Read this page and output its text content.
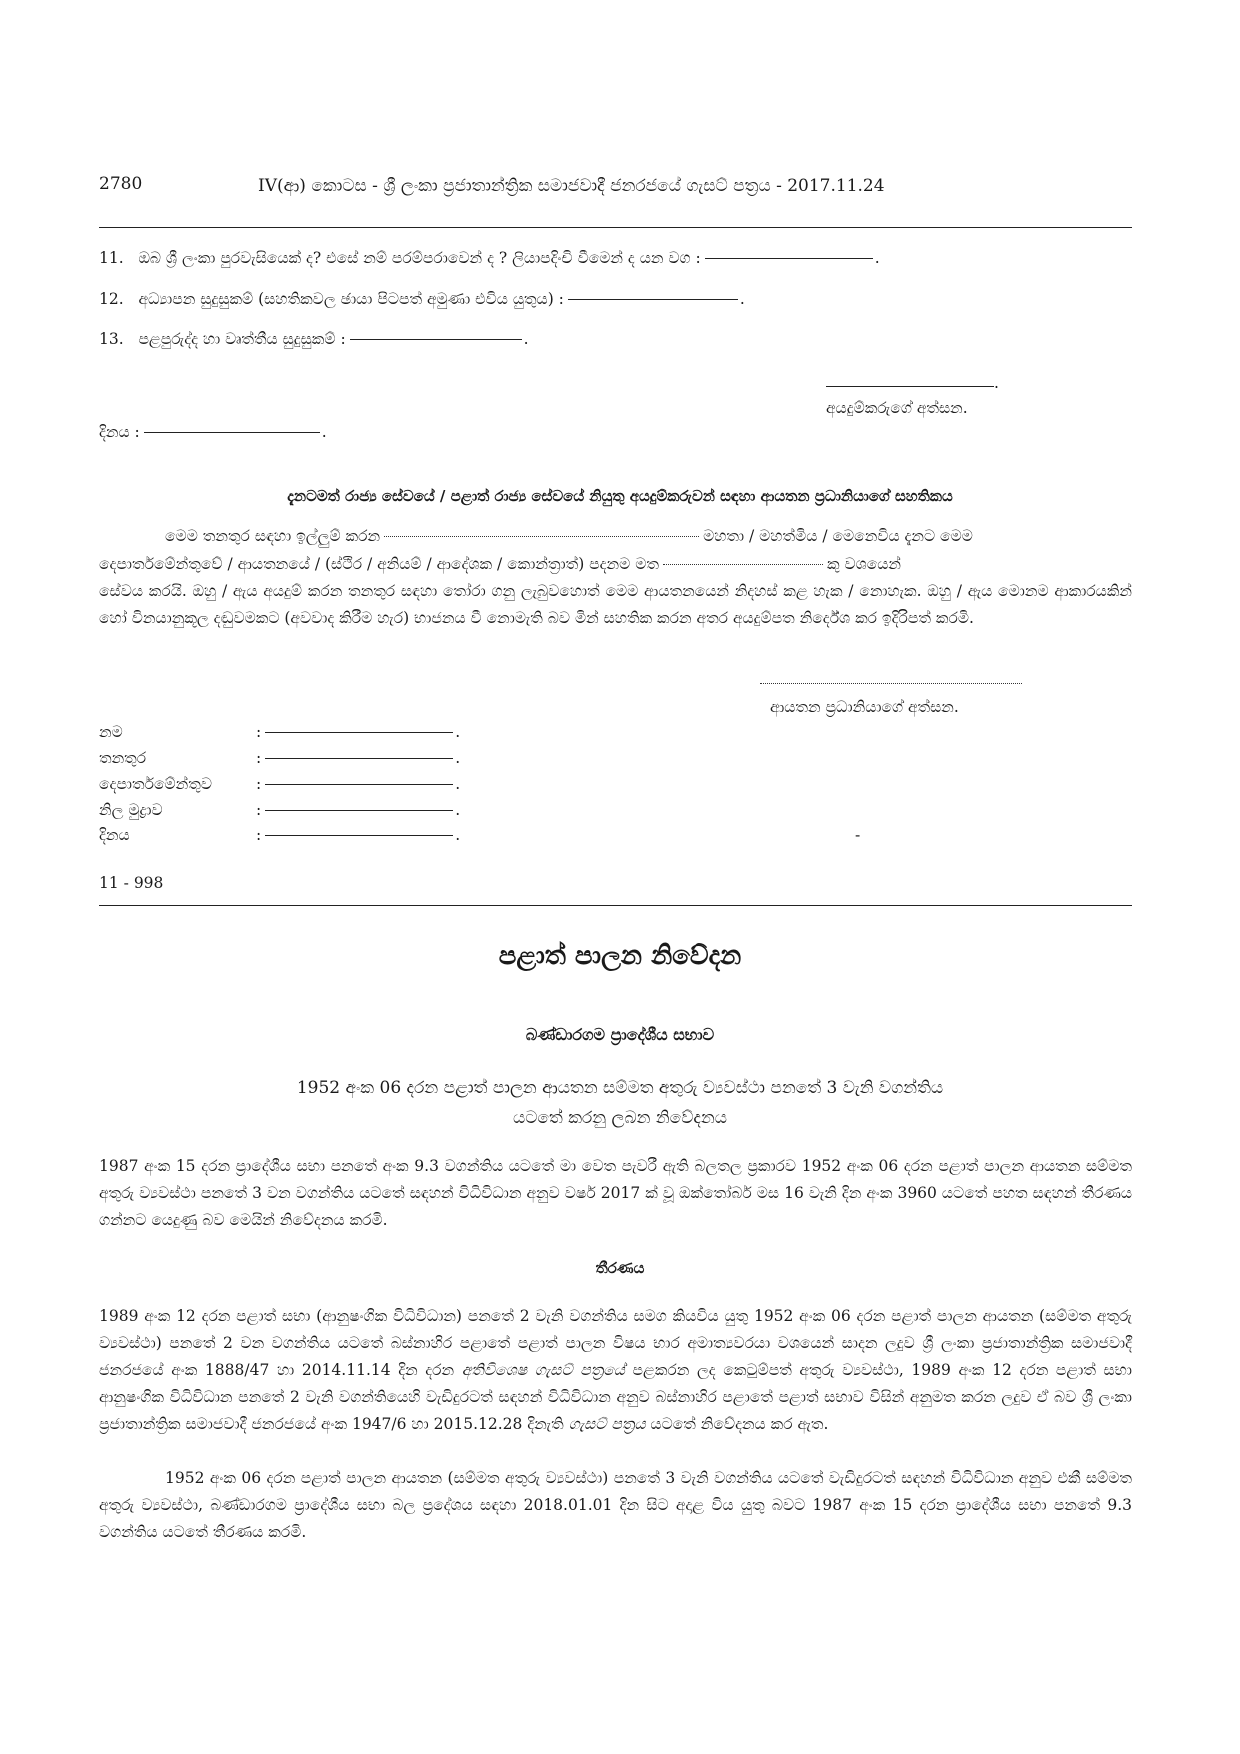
2780	IV(ආ) කොටස - ශ්‍රී ලංකා ප්‍රජාතාන්ත්‍රික සමාජවාදී ජනරජයේ ගැසට් පත්‍රය - 2017.11.24
11. ඔබ ශ්‍රී ලංකා පුරවැසියෙක් ද? එසේ නම් පරම්පරාවෙන් ද ? ලියාපදිංචි වීමෙන් ද යන වග :	.
12. අධ්‍යාපන සුදුසුකම් (සහතිකවල ඡායා පිටපත් අමුණා එවිය යුතුය) :	.
13. පළපුරුද්ද හා වෘත්තීය සුදුසුකම් :	.
.
අයදුම්කරුගේ අත්සන.
දිනය :	.
දැනටමත් රාජ්‍ය සේවයේ / පළාත් රාජ්‍ය සේවයේ නියුතු අයදුම්කරුවන් සඳහා ආයතන ප්‍රධානියාගේ සහතිකය
මෙම තනතුර සඳහා ඉල්ලුම් කරන	මහතා / මහත්මිය / මෙනෙවිය දැනට මෙම
දෙපාර්තමේන්තුවේ / ආයතනයේ / (ස්ථිර / අනියම් / ආදේශක / කොන්ත්‍රාත්) පදනම මත	කු වශයෙන්
සේවය කරයි. ඔහු / ඇය අයදුම් කරන තනතුර සඳහා තෝරා ගනු ලැබුවහොත් මෙම ආයතනයෙන් නිදහස් කළ හැක / නොහැක. ඔහු / ඇය මොනම ආකාරයකින් හෝ විනයානුකූල දඬුවමකට (අවවාද කිරීම හැර) භාජනය වී නොමැති බව මින් සහතික කරන අතර අයදුම්පත නිර්දේශ කර ඉදිරිපත් කරමි.
ආයතන ප්‍රධානියාගේ අත්සන.
නම	:	.
තනතුර	:	.
දෙපාර්තමේන්තුව	:	.
නිල මුද්‍රාව	:	.
දිනය	:	.	-
11 - 998
පළාත් පාලන නිවේදන
බණ්ඩාරගම ප්‍රාදේශීය සභාව
1952 අංක 06 දරන පළාත් පාලන ආයතන සම්මත අතුරු ව්‍යවස්ථා පනතේ 3 වැනි වගන්තිය
යටතේ කරනු ලබන නිවේදනය
1987 අංක 15 දරන ප්‍රාදේශීය සභා පනතේ අංක 9.3 වගන්තිය යටතේ මා වෙත පැවරී ඇති බලතල ප්‍රකාරව 1952 අංක 06 දරන පළාත් පාලන ආයතන සම්මත අතුරු ව්‍යවස්ථා පනතේ 3 වන වගන්තිය යටතේ සඳහන් විධිවිධාන අනුව වර්ෂ 2017 ක් වූ ඔක්තෝබර් මස 16 වැනි දින අංක 3960 යටතේ පහත සඳහන් තීරණය ගන්නට යෙදුණු බව මෙයින් නිවේදනය කරමි.
තීරණය
1989 අංක 12 දරන පළාත් සභා (ආනුෂංගික විධිවිධාන) පනතේ 2 වැනි වගන්තිය සමග කියවිය යුතු 1952 අංක 06 දරන පළාත් පාලන ආයතන (සම්මත අතුරු ව්‍යවස්ථා) පනතේ 2 වන වගන්තිය යටතේ බස්නාහිර පළාතේ පළාත් පාලන විෂය භාර අමාත්‍යවරයා වශයෙන් සාදන ලදුව ශ්‍රී ලංකා ප්‍රජාතාන්ත්‍රික සමාජවාදී ජනරජයේ අංක 1888/47 හා 2014.11.14 දින දරන අතිවිශෙෂ ගැසට් පත්‍රයේ පළකරන ලද කෙටුම්පත් අතුරු ව්‍යවස්ථා, 1989 අංක 12 දරන පළාත් සභා ආනුෂංගික විධිවිධාන පනතේ 2 වැනි වගන්තියෙහි වැඩිදුරටත් සඳහන් විධිවිධාන අනුව බස්නාහිර පළාතේ පළාත් සභාව විසින් අනුමත කරන ලදුව ඒ බව ශ්‍රී ලංකා ප්‍රජාතාන්ත්‍රික සමාජවාදී ජනරජයේ අංක 1947/6 හා 2015.12.28 දිනැති ගැසට් පත්‍රය යටතේ නිවේදනය කර ඇත.
1952 අංක 06 දරන පළාත් පාලන ආයතන (සම්මත අතුරු ව්‍යවස්ථා) පනතේ 3 වැනි වගන්තිය යටතේ වැඩිදුරටත් සඳහන් විධිවිධාන අනුව එකී සම්මත අතුරු ව්‍යවස්ථා, බණ්ඩාරගම ප්‍රාදේශීය සභා බල ප්‍රදේශය සඳහා 2018.01.01 දින සිට අදාළ විය යුතු බවට 1987 අංක 15 දරන ප්‍රාදේශීය සභා පනතේ 9.3 වගන්තිය යටතේ තීරණය කරමි.
